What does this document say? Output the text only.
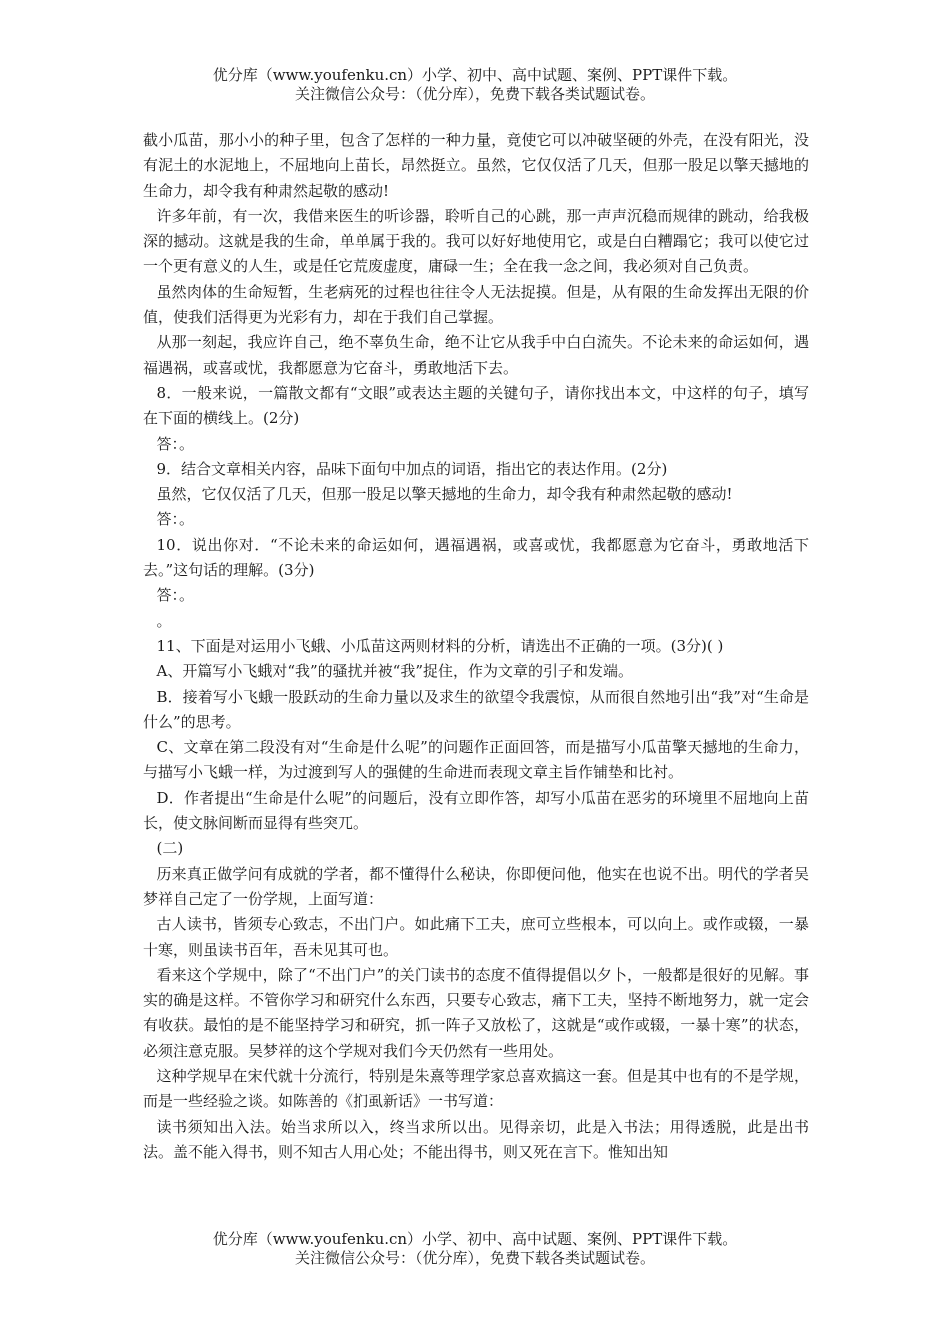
优分库（www.youfenku.cn）小学、初中、高中试题、案例、PPT课件下载。
关注微信公众号：（优分库），免费下载各类试题试卷。

截小瓜苗，那小小的种子里，包含了怎样的一种力量，竟使它可以冲破坚硬的外壳，在没有阳光，没有泥土的水泥地上，不屈地向上苗长，昂然挺立。虽然，它仅仅活了几天，但那一股足以擎天撼地的生命力，却令我有种肃然起敬的感动!

许多年前，有一次，我借来医生的听诊器，聆听自己的心跳，那一声声沉稳而规律的跳动，给我极深的撼动。这就是我的生命，单单属于我的。我可以好好地使用它，或是白白糟蹋它；我可以使它过一个更有意义的人生，或是任它荒废虚度，庸碌一生；全在我一念之间，我必须对自己负责。

虽然肉体的生命短暂，生老病死的过程也往往令人无法捉摸。但是，从有限的生命发挥出无限的价值，使我们活得更为光彩有力，却在于我们自己掌握。

从那一刻起，我应许自己，绝不辜负生命，绝不让它从我手中白白流失。不论未来的命运如何，遇福遇祸，或喜或忧，我都愿意为它奋斗，勇敢地活下去。

8．一般来说，一篇散文都有“文眼”或表达主题的关键句子，请你找出本文，中这样的句子，填写在下面的横线上。(2分)

答：。

9．结合文章相关内容，品味下面句中加点的词语，指出它的表达作用。(2分)

虽然，它仅仅活了几天，但那一股足以擎天撼地的生命力，却令我有种肃然起敬的感动!

答：。

10．说出你对．“不论未来的命运如何，遇福遇祸，或喜或忧，我都愿意为它奋斗，勇敢地活下去。”这句话的理解。(3分)

答：。

。

11、下面是对运用小飞蛾、小瓜苗这两则材料的分析，请选出不正确的一项。(3分)( )

A、开篇写小飞蛾对“我”的骚扰并被“我”捉住，作为文章的引子和发端。

B．接着写小飞蛾一股跃动的生命力量以及求生的欲望令我震惊，从而很自然地引出“我”对“生命是什么”的思考。

C、文章在第二段没有对“生命是什么呢”的问题作正面回答，而是描写小瓜苗擎天撼地的生命力，与描写小飞蛾一样，为过渡到写人的强健的生命进而表现文章主旨作铺垫和比衬。

D．作者提出“生命是什么呢”的问题后，没有立即作答，却写小瓜苗在恶劣的环境里不屈地向上苗长，使文脉间断而显得有些突兀。

(二)

历来真正做学问有成就的学者，都不懂得什么秘诀，你即便问他，他实在也说不出。明代的学者吴梦祥自己定了一份学规，上面写道：

古人读书，皆须专心致志，不出门户。如此痛下工夫，庶可立些根本，可以向上。或作或辍，一暴十寒，则虽读书百年，吾未见其可也。

看来这个学规中，除了“不出门户”的关门读书的态度不值得提倡以夕卜，一般都是很好的见解。事实的确是这样。不管你学习和研究什么东西，只要专心致志，痛下工夫，坚持不断地努力，就一定会有收获。最怕的是不能坚持学习和研究，抓一阵子又放松了，这就是“或作或辍，一暴十寒”的状态，必须注意克服。吴梦祥的这个学规对我们今天仍然有一些用处。

这种学规早在宋代就十分流行，特别是朱熹等理学家总喜欢搞这一套。但是其中也有的不是学规，而是一些经验之谈。如陈善的《扪虱新话》一书写道：

读书须知出入法。始当求所以入，终当求所以出。见得亲切，此是入书法；用得透脱，此是出书法。盖不能入得书，则不知古人用心处；不能出得书，则又死在言下。惟知出知

优分库（www.youfenku.cn）小学、初中、高中试题、案例、PPT课件下载。
关注微信公众号：（优分库），免费下载各类试题试卷。
